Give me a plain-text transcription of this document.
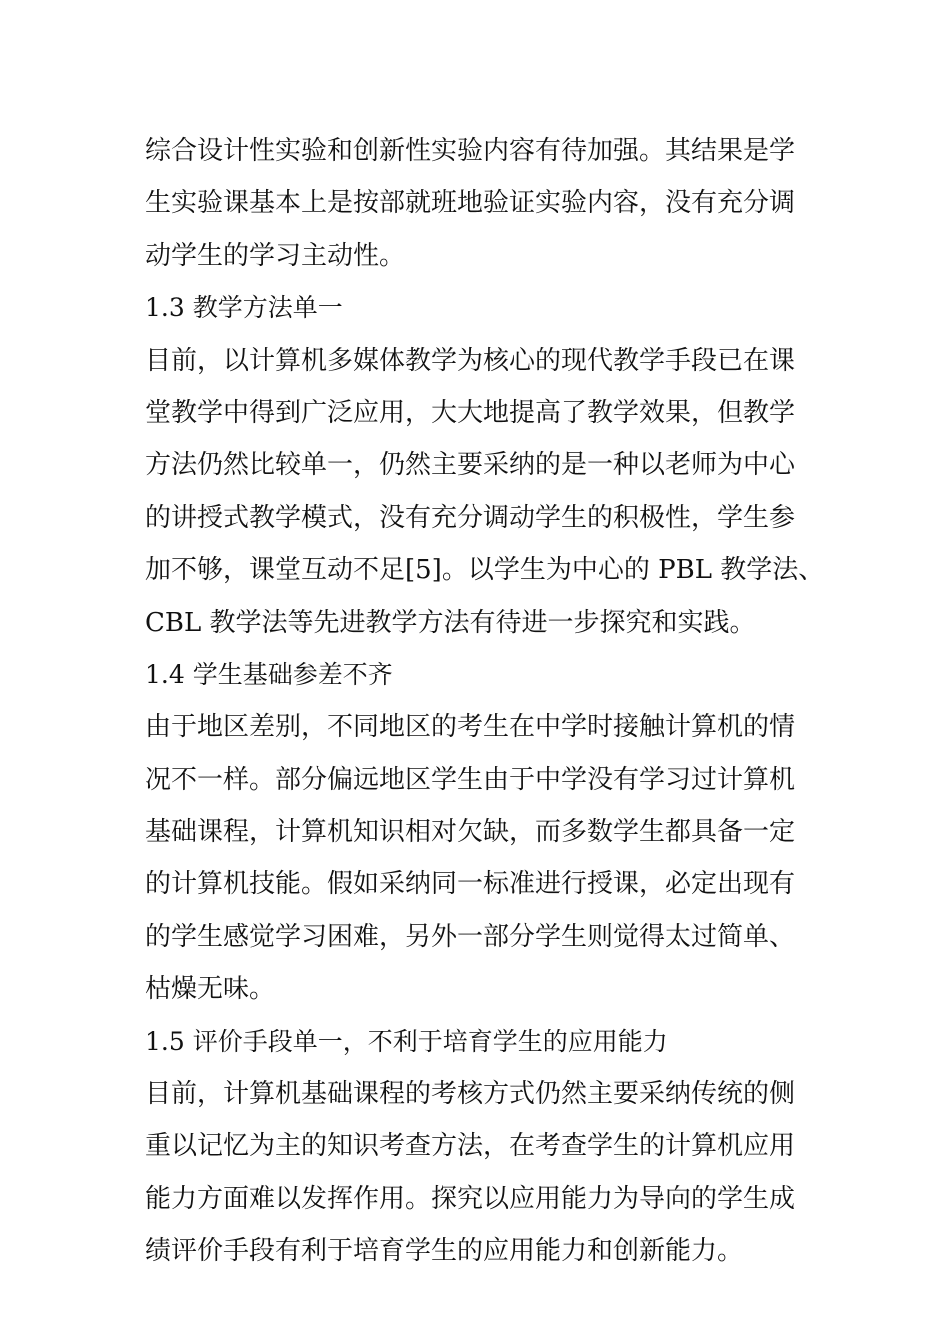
综合设计性实验和创新性实验内容有待加强。其结果是学
生实验课基本上是按部就班地验证实验内容，没有充分调
动学生的学习主动性。
1.3 教学方法单一
目前，以计算机多媒体教学为核心的现代教学手段已在课
堂教学中得到广泛应用，大大地提高了教学效果，但教学
方法仍然比较单一，仍然主要采纳的是一种以老师为中心
的讲授式教学模式，没有充分调动学生的积极性，学生参
加不够，课堂互动不足[5]。以学生为中心的 PBL 教学法、
CBL 教学法等先进教学方法有待进一步探究和实践。
1.4 学生基础参差不齐
由于地区差别，不同地区的考生在中学时接触计算机的情
况不一样。部分偏远地区学生由于中学没有学习过计算机
基础课程，计算机知识相对欠缺，而多数学生都具备一定
的计算机技能。假如采纳同一标准进行授课，必定出现有
的学生感觉学习困难，另外一部分学生则觉得太过简单、
枯燥无味。
1.5 评价手段单一，不利于培育学生的应用能力
目前，计算机基础课程的考核方式仍然主要采纳传统的侧
重以记忆为主的知识考查方法，在考查学生的计算机应用
能力方面难以发挥作用。探究以应用能力为导向的学生成
绩评价手段有利于培育学生的应用能力和创新能力。
